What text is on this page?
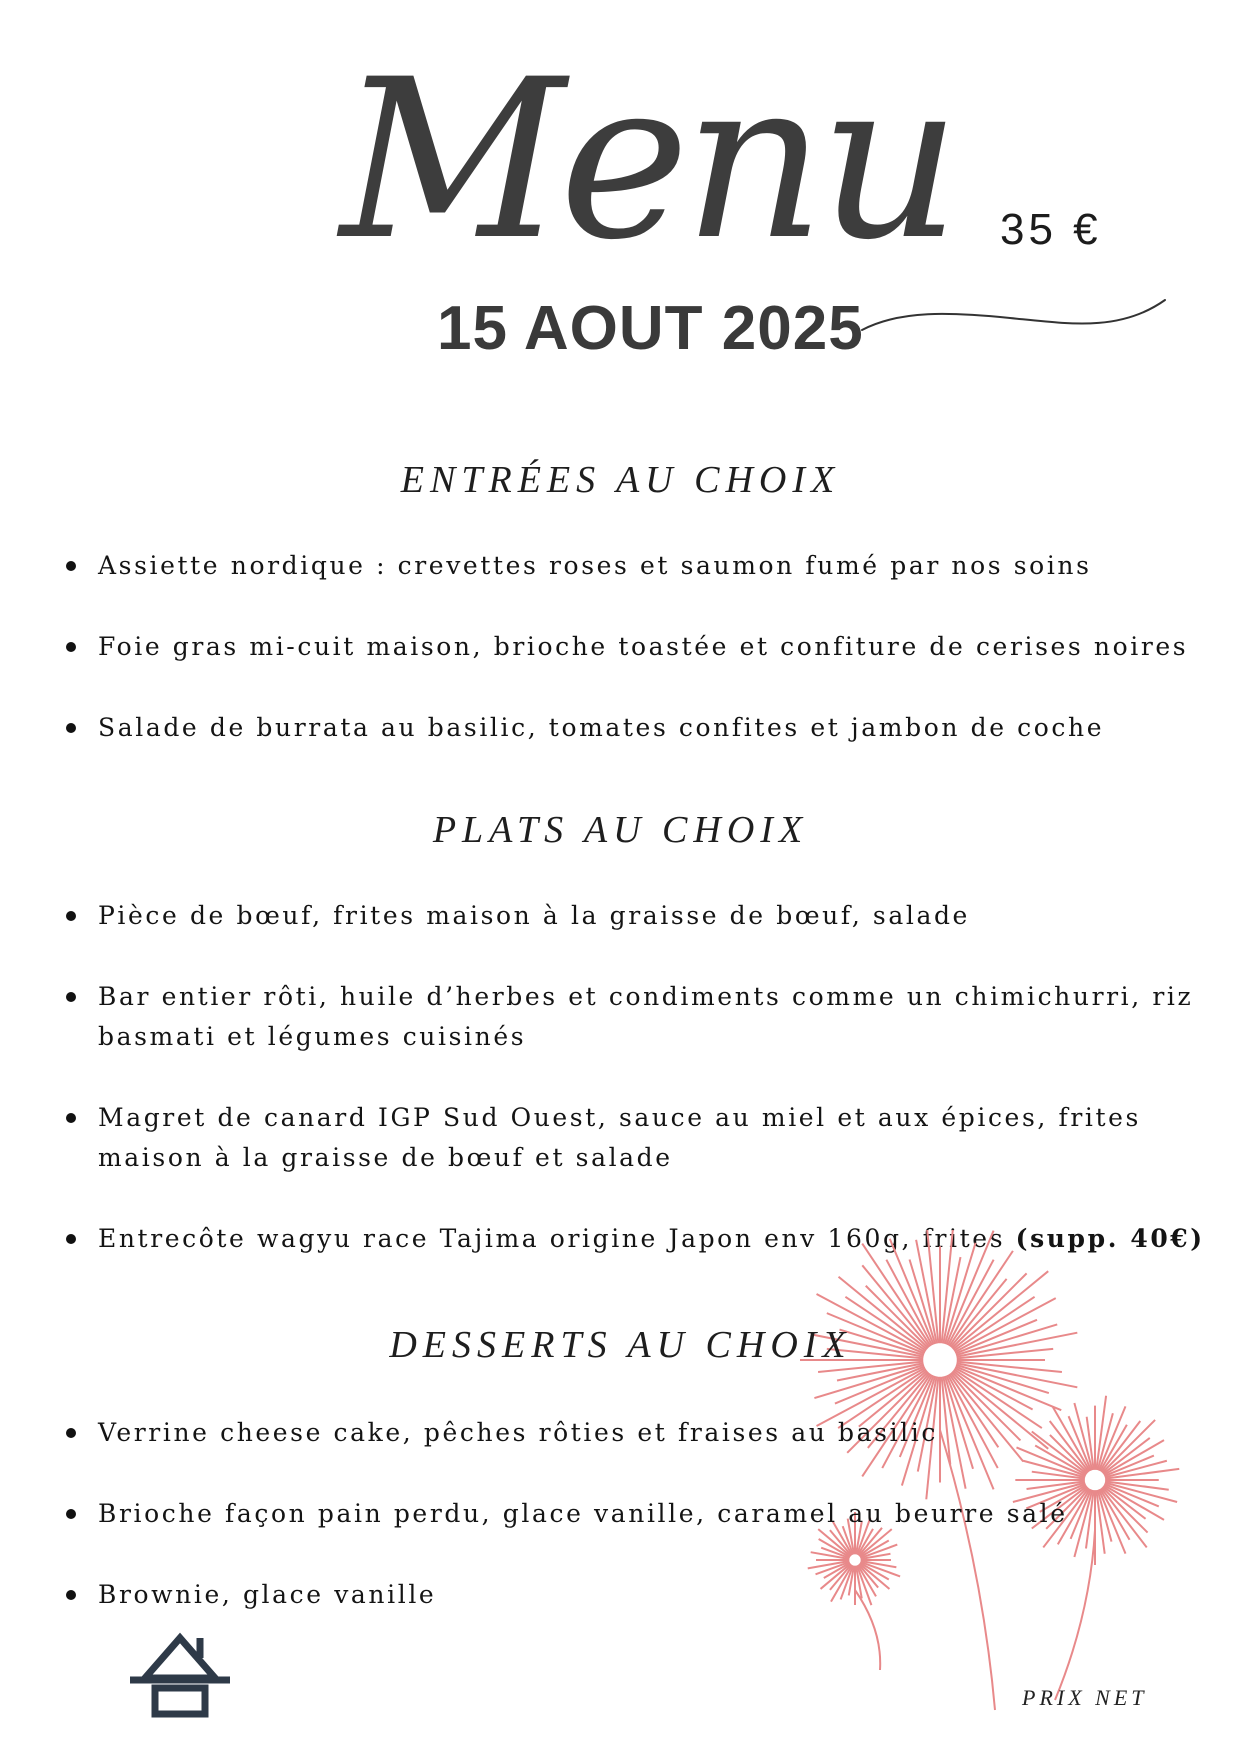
Menu 35 €
15 AOUT 2025
ENTRÉES AU CHOIX
Assiette nordique : crevettes roses et saumon fumé par nos soins
Foie gras mi-cuit maison, brioche toastée et confiture de cerises noires
Salade de burrata au basilic, tomates confites et jambon de coche
PLATS AU CHOIX
Pièce de bœuf, frites maison à la graisse de bœuf, salade
Bar entier rôti, huile d’herbes et condiments comme un chimichurri, riz basmati et légumes cuisinés
Magret de canard IGP Sud Ouest, sauce au miel et aux épices, frites maison à la graisse de bœuf et salade
Entrecôte wagyu race Tajima origine Japon env 160g, frites (supp. 40€)
DESSERTS AU CHOIX
Verrine cheese cake, pêches rôties et fraises au basilic
Brioche façon pain perdu, glace vanille, caramel au beurre salé
Brownie, glace vanille
PRIX NET
